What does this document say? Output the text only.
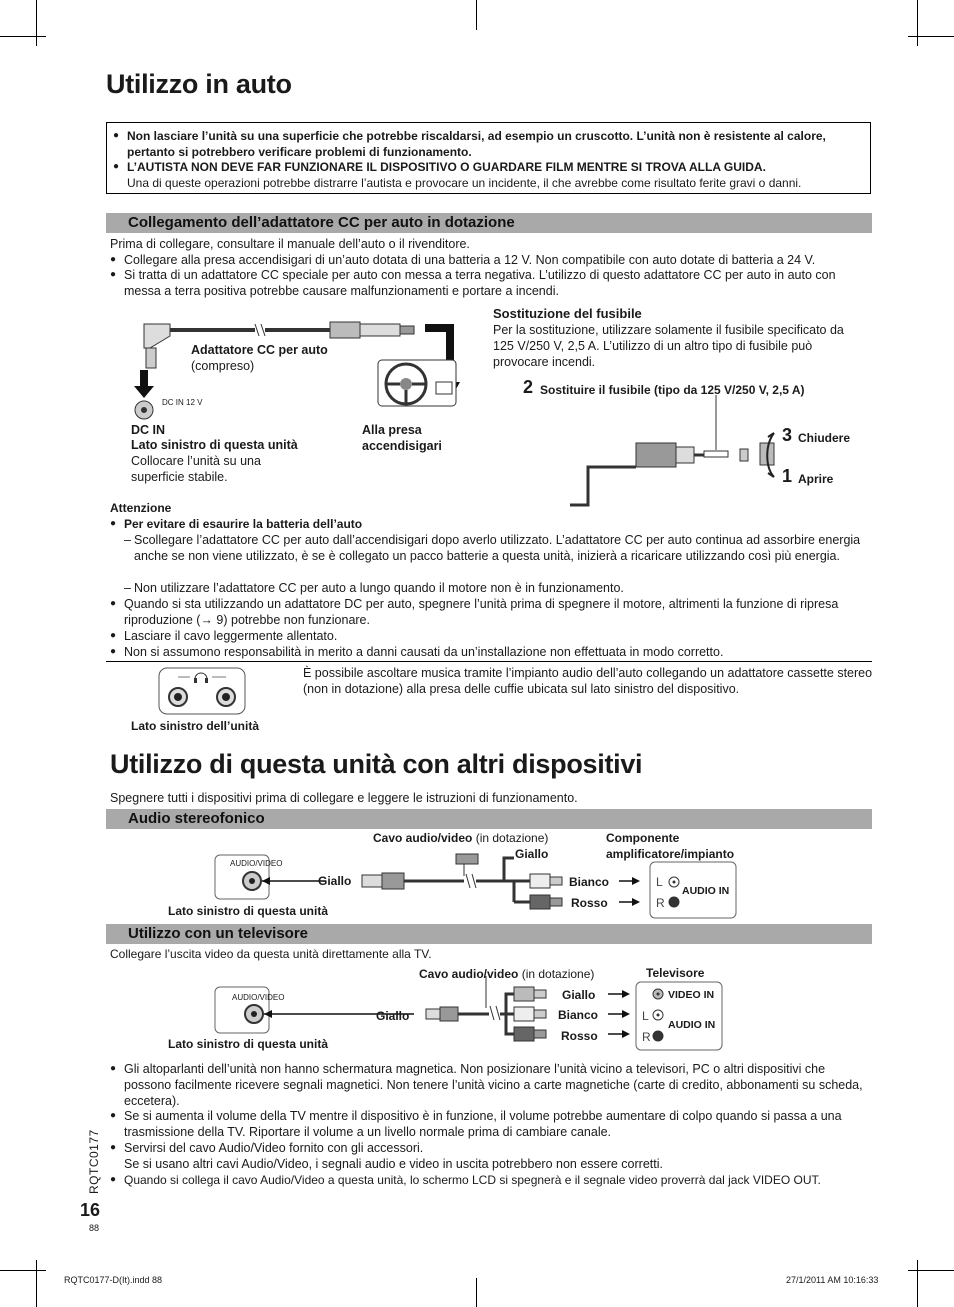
Utilizzo in auto
● Non lasciare l’unità su una superficie che potrebbe riscaldarsi, ad esempio un cruscotto. L’unità non è resistente al calore, pertanto si potrebbero verificare problemi di funzionamento.
● L’AUTISTA NON DEVE FAR FUNZIONARE IL DISPOSITIVO O GUARDARE FILM MENTRE SI TROVA ALLA GUIDA.
Una di queste operazioni potrebbe distrarre l’autista e provocare un incidente, il che avrebbe come risultato ferite gravi o danni.
Collegamento dell’adattatore CC per auto in dotazione
Prima di collegare, consultare il manuale dell’auto o il rivenditore.
● Collegare alla presa accendisigari di un’auto dotata di una batteria a 12 V. Non compatibile con auto dotate di batteria a 24 V.
● Si tratta di un adattatore CC speciale per auto con messa a terra negativa. L’utilizzo di questo adattatore CC per auto in auto con messa a terra positiva potrebbe causare malfunzionamenti e portare a incendi.
DC IN 12 V
Adattatore CC per auto
(compreso)
DC IN
Lato sinistro di questa unità
Collocare l’unità su una superficie stabile.
Alla presa accendisigari
Sostituzione del fusibile
Per la sostituzione, utilizzare solamente il fusibile specificato da 125 V/250 V, 2,5 A. L’utilizzo di un altro tipo di fusibile può provocare incendi.
2 Sostituire il fusibile (tipo da 125 V/250 V, 2,5 A)
3 Chiudere
1 Aprire
Attenzione
● Per evitare di esaurire la batteria dell’auto
– Scollegare l’adattatore CC per auto dall’accendisigari dopo averlo utilizzato. L’adattatore CC per auto continua ad assorbire energia anche se non viene utilizzato, è se è collegato un pacco batterie a questa unità, inizierà a ricaricare utilizzando così più energia.
– Non utilizzare l’adattatore CC per auto a lungo quando il motore non è in funzionamento.
● Quando si sta utilizzando un adattatore DC per auto, spegnere l’unità prima di spegnere il motore, altrimenti la funzione di ripresa riproduzione (→ 9) potrebbe non funzionare.
● Lasciare il cavo leggermente allentato.
● Non si assumono responsabilità in merito a danni causati da un’installazione non effettuata in modo corretto.
Lato sinistro dell’unità
È possibile ascoltare musica tramite l’impianto audio dell’auto collegando un adattatore cassette stereo (non in dotazione) alla presa delle cuffie ubicata sul lato sinistro del dispositivo.
Utilizzo di questa unità con altri dispositivi
Spegnere tutti i dispositivi prima di collegare e leggere le istruzioni di funzionamento.
Audio stereofonico
Cavo audio/video (in dotazione)
Giallo
Componente amplificatore/impianto
AUDIO/VIDEO
Giallo	Bianco
Rosso
L
R
AUDIO IN
Lato sinistro di questa unità
Utilizzo con un televisore
Collegare l’uscita video da questa unità direttamente alla TV.
Cavo audio/video (in dotazione)	Televisore
AUDIO/VIDEO
Giallo
Giallo
Bianco
Rosso
VIDEO IN
L
AUDIO IN
R
Lato sinistro di questa unità
● Gli altoparlanti dell’unità non hanno schermatura magnetica. Non posizionare l’unità vicino a televisori, PC o altri dispositivi che possono facilmente ricevere segnali magnetici. Non tenere l’unità vicino a carte magnetiche (carte di credito, abbonamenti su scheda, eccetera).
● Se si aumenta il volume della TV mentre il dispositivo è in funzione, il volume potrebbe aumentare di colpo quando si passa a una trasmissione della TV. Riportare il volume a un livello normale prima di cambiare canale.
● Servirsi del cavo Audio/Video fornito con gli accessori.
Se si usano altri cavi Audio/Video, i segnali audio e video in uscita potrebbero non essere corretti.
● Quando si collega il cavo Audio/Video a questa unità, lo schermo LCD si spegnerà e il segnale video proverrà dal jack VIDEO OUT.
RQTC0177
16
88
RQTC0177-D(It).indd 88	27/1/2011 AM 10:16:33
